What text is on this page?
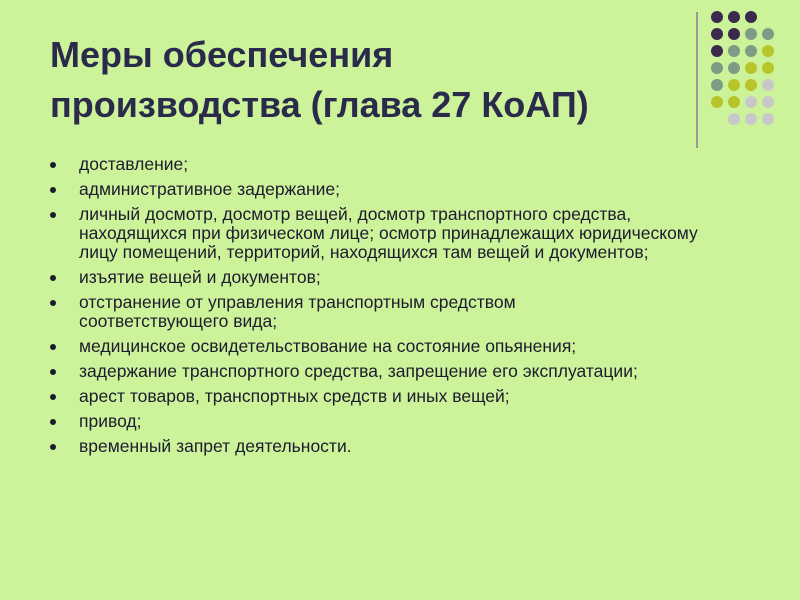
Меры обеспечения
производства (глава 27 КоАП)
доставление;
административное задержание;
личный досмотр, досмотр вещей, досмотр транспортного средства, находящихся при физическом лице; осмотр принадлежащих юридическому лицу помещений, территорий, находящихся там вещей и документов;
изъятие вещей и документов;
отстранение от управления транспортным средством соответствующего вида;
медицинское освидетельствование на состояние опьянения;
задержание транспортного средства, запрещение его эксплуатации;
арест товаров, транспортных средств и иных вещей;
привод;
временный запрет деятельности.
